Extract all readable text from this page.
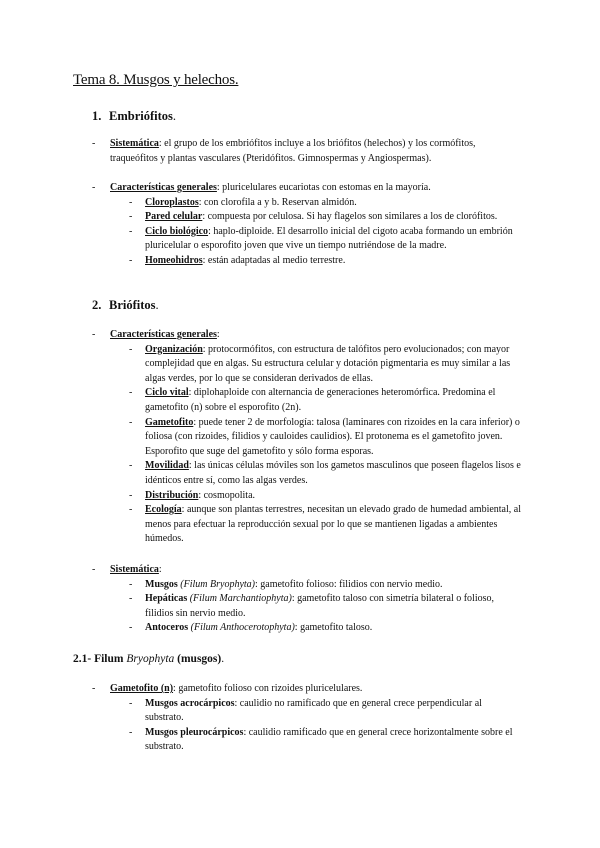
Tema 8. Musgos y helechos.
1. Embriófitos.
- Sistemática: el grupo de los embriófitos incluye a los briófitos (helechos) y los cormófitos, traqueófitos y plantas vasculares (Pteridófitos. Gimnospermas y Angiospermas).
- Características generales: pluricelulares eucariotas con estomas en la mayoría.
- Cloroplastos: con clorofila a y b. Reservan almidón.
- Pared celular: compuesta por celulosa. Si hay flagelos son similares a los de clorófitos.
- Ciclo biológico: haplo-diploide. El desarrollo inicial del cigoto acaba formando un embrión pluricelular o esporofito joven que vive un tiempo nutriéndose de la madre.
- Homeohidros: están adaptadas al medio terrestre.
2. Briófitos.
- Características generales:
- Organización: protocormófitos, con estructura de talófitos pero evolucionados; con mayor complejidad que en algas. Su estructura celular y dotación pigmentaria es muy similar a las algas verdes, por lo que se consideran derivados de ellas.
- Ciclo vital: diplohaploide con alternancia de generaciones heteromórfica. Predomina el gametofito (n) sobre el esporofito (2n).
- Gametofito: puede tener 2 de morfología: talosa (laminares con rizoides en la cara inferior) o foliosa (con rizoides, filidios y cauloides caulidios). El protonema es el gametofito joven. Esporofito que suge del gametofito y sólo forma esporas.
- Movilidad: las únicas células móviles son los gametos masculinos que poseen flagelos lisos e idénticos entre sí, como las algas verdes.
- Distribución: cosmopolita.
- Ecología: aunque son plantas terrestres, necesitan un elevado grado de humedad ambiental, al menos para efectuar la reproducción sexual por lo que se mantienen ligadas a ambientes húmedos.
- Sistemática:
- Musgos (Filum Bryophyta): gametofito folioso: filidios con nervio medio.
- Hepáticas (Filum Marchantiophyta): gametofito taloso con simetría bilateral o folioso, filidios sin nervio medio.
- Antoceros (Filum Anthocerotophyta): gametofito taloso.
2.1- Filum Bryophyta (musgos).
- Gametofito (n): gametofito folioso con rizoides pluricelulares.
- Musgos acrocárpicos: caulidio no ramificado que en general crece perpendicular al substrato.
- Musgos pleurocárpicos: caulidio ramificado que en general crece horizontalmente sobre el substrato.
